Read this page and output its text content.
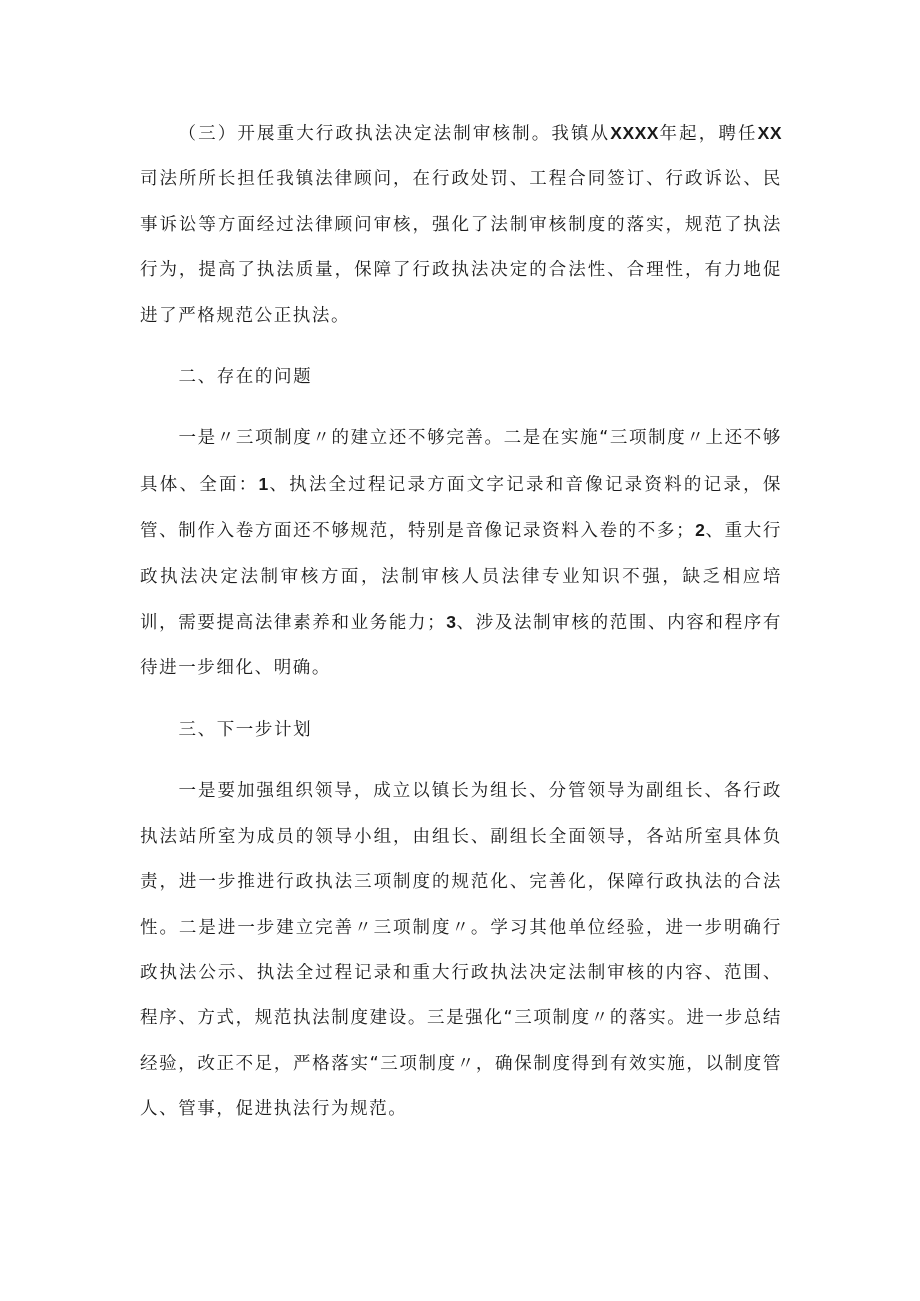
（三）开展重大行政执法决定法制审核制。我镇从XXXX年起，聘任XX司法所所长担任我镇法律顾问，在行政处罚、工程合同签订、行政诉讼、民事诉讼等方面经过法律顾问审核，强化了法制审核制度的落实，规范了执法行为，提高了执法质量，保障了行政执法决定的合法性、合理性，有力地促进了严格规范公正执法。

二、存在的问题

一是〃三项制度〃的建立还不够完善。二是在实施“三项制度〃上还不够具体、全面：1、执法全过程记录方面文字记录和音像记录资料的记录，保管、制作入卷方面还不够规范，特别是音像记录资料入卷的不多；2、重大行政执法决定法制审核方面，法制审核人员法律专业知识不强，缺乏相应培训，需要提高法律素养和业务能力；3、涉及法制审核的范围、内容和程序有待进一步细化、明确。

三、下一步计划

一是要加强组织领导，成立以镇长为组长、分管领导为副组长、各行政执法站所室为成员的领导小组，由组长、副组长全面领导，各站所室具体负责，进一步推进行政执法三项制度的规范化、完善化，保障行政执法的合法性。二是进一步建立完善〃三项制度〃。学习其他单位经验，进一步明确行政执法公示、执法全过程记录和重大行政执法决定法制审核的内容、范围、程序、方式，规范执法制度建设。三是强化“三项制度〃的落实。进一步总结经验，改正不足，严格落实“三项制度〃，确保制度得到有效实施，以制度管人、管事，促进执法行为规范。
